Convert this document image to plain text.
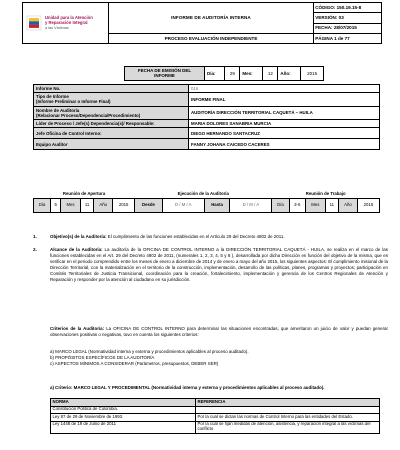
Unidad para la Atención
y Reparación Integral
a las Víctimas	INFORME DE AUDITORÍA INTERNA	CÓDIGO: 150.19.15-8
		VERSIÓN: 03
		FECHA: 28/07/2015
	PROCESO EVALUACIÓN INDEPENDIENTE	PÁGINA 1 de 77
FECHA DE EMISIÓN DEL INFORME	Día:	29	Mes:	12	Año:	2015
Informe No.	016
Tipo de Informe
(Informe Preliminar o Informe Final)	INFORME FINAL
Nombre de Auditoría
(Relacionar Proceso/Dependencia/Procedimiento)	AUDITORÍA DIRECCIÓN TERRITORIAL CAQUETÁ – HUILA
Líder de Proceso / Jefe(s) Dependencia(s)/ Responsable:	MARIA DOLORES SANABRIA MURCIA
Jefe Oficina de Control Interno:	DIEGO HERNANDO SANTACRUZ
Equipo Auditor	FANNY JOHANA CAICEDO CACERES
Reunión de Apertura						Ejecución de la Auditoría				Reunión de Trabajo					
Día	5	Mes	11	Año	2015	Desde	D / M / A	Hasta	D / M / A	Día	3-6	Mes	11	Año	2015
1.	Objetivo(s) de la Auditoría: El cumplimiento de las funciones establecidas en el Artículo 29 del Decreto 4802 de 2011.
2.	Alcance de la Auditoría: La auditoría de la OFICINA DE CONTROL INTERNO a la DIRECCIÓN TERRITORIAL CAQUETÁ - HUILA, se realiza en el marco de las funciones establecidas en el Art. 29 del Decreto 4802 de 2011, (numerales 1, 2, 3, 4, 5 y 8 ), desarrollada por dicha Dirección en función del objetivo de la misma, que es verificar en el periodo comprendido entre los meses de enero a diciembre de 2014 y de enero a mayo del año 2015, los siguientes aspectos: El cumplimiento misional de la Dirección Territorial, con la materialización en el territorio de la construcción, implementación, desarrollo de las políticas, planes, programas y proyectos; participación en Comités Territoriales de Justicia Transicional, coordinación para la creación, fortalecimiento, implementación y gerencia de los Centros Regionales de Atención y Reparación y responder por la atención al ciudadano en su jurisdicción.
Criterios de la Auditoría: La OFICINA DE CONTROL INTERNO para determinar las situaciones encontradas, que ameritaron un juicio de valor y puedan generar observaciones positivas o negativas, tuvo en cuenta los siguientes criterios:
a) MARCO LEGAL (Normatividad interna y externa y procedimientos aplicables al proceso auditado).
b) PROPÓSITOS ESPECÍFICOS DE LA AUDITORÍA
c) ASPECTOS MÍNIMOS A CONSIDERAR (Parámetros, presupuestos, DEBER SER)
a) Criterio: MARCO LEGAL Y PROCEDIMENTAL (Normatividad interna y externa y procedimientos aplicables al proceso auditado).
NORMA	REFERENCIA
Constitución Política de Colombia.	
Ley 87 de 29 de Noviembre de 1993.	Por la cual se dictan las normas de Control Interno para las entidades del Estado.
Ley 1448 de 19 de Junio de 2011	Por la cual se fijan medidas de atención, asistencia, y reparación integral a las víctimas del conflicto
